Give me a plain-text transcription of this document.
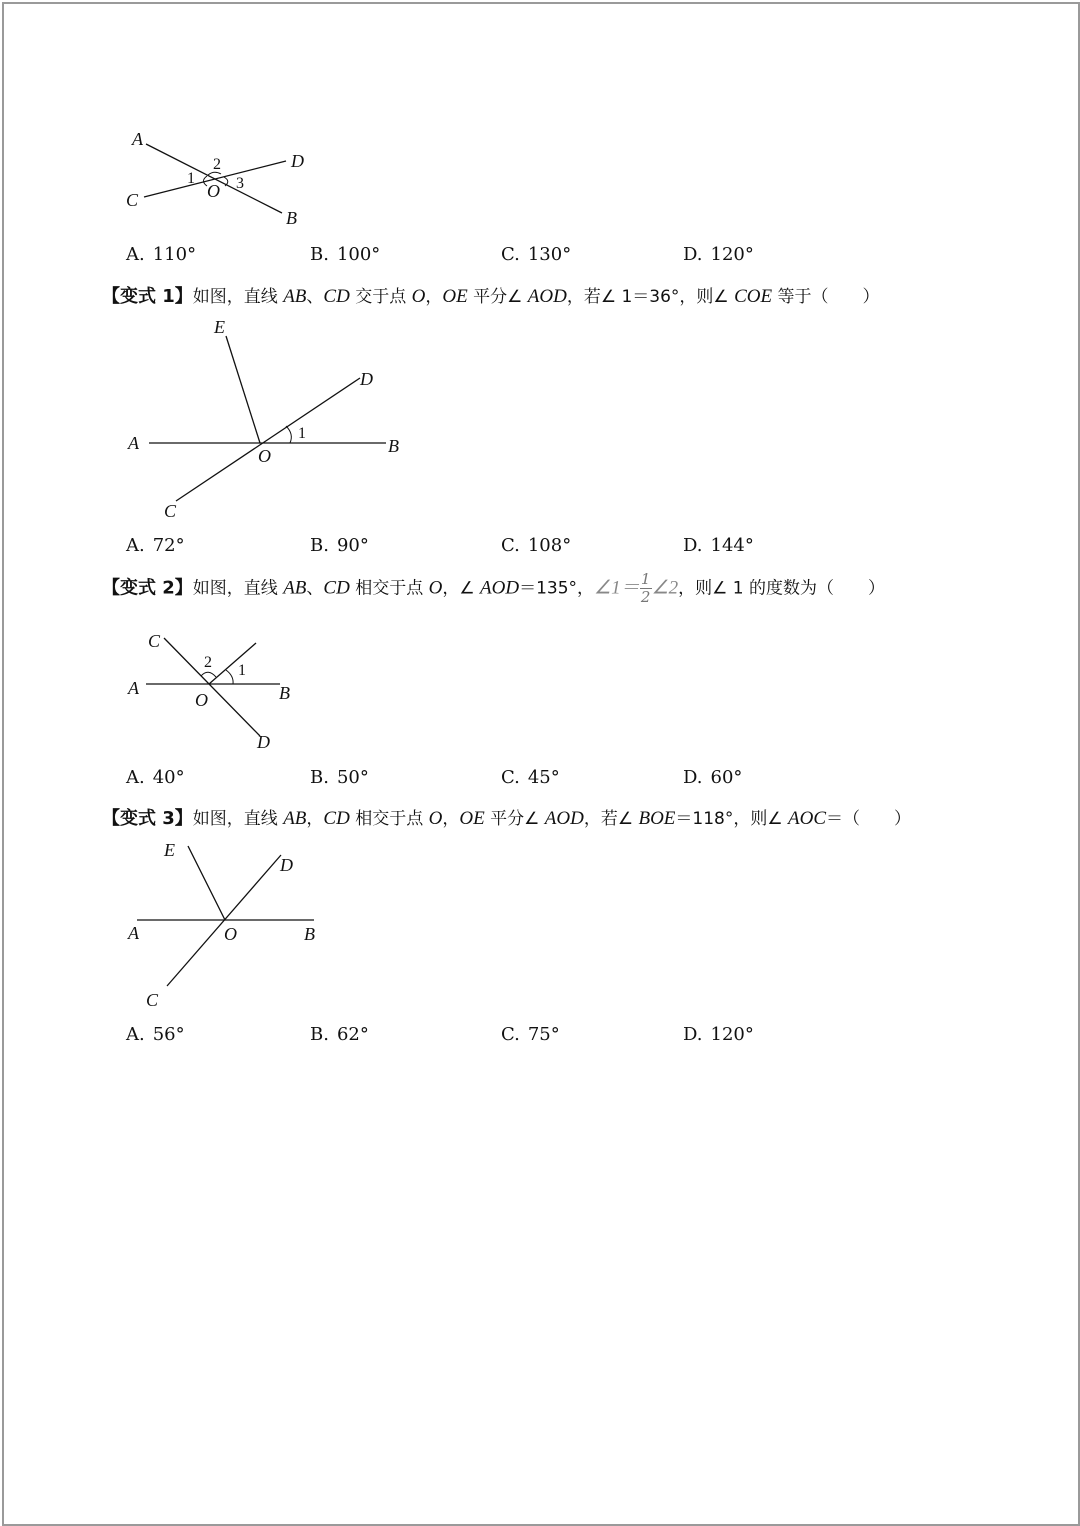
A
D
C
B
O
1
2
3
A. 110°	B. 100°	C. 130°	D. 120°
【变式 1】如图，直线 AB、CD 交于点 O，OE 平分∠ AOD，若∠ 1＝36°，则∠ COE 等于（　　）
E
D
A	B
O
1
C
A. 72°	B. 90°	C. 108°	D. 144°
【变式 2】如图，直线 AB、CD 相交于点 O，∠ AOD＝135°，∠1＝ $\frac{1}{2}$ ∠2，则∠ 1 的度数为（　　）
C
2 1
A	B
O
D
A. 40°	B. 50°	C. 45°	D. 60°
【变式 3】如图，直线 AB，CD 相交于点 O，OE 平分∠ AOD，若∠ BOE＝118°，则∠ AOC＝（　　）
E
D
A	O	B
C
A. 56°	B. 62°	C. 75°	D. 120°
